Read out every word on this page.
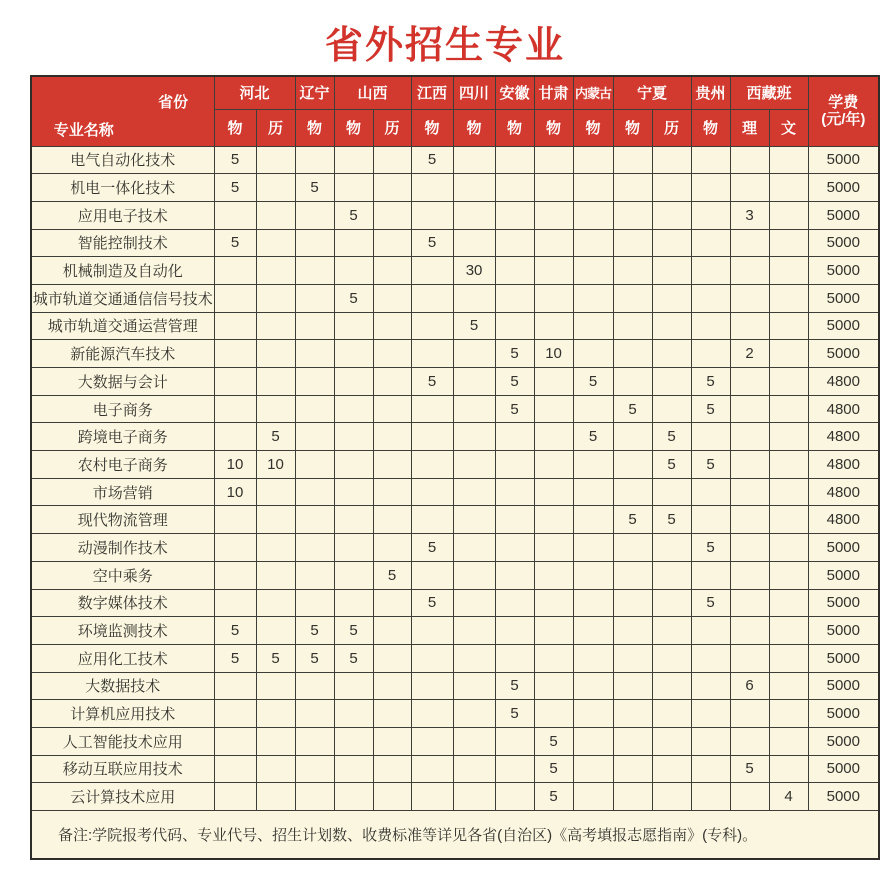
省外招生专业
省份
专业名称	河北		辽宁	山西		江西	四川	安徽	甘肃	内蒙古	宁夏		贵州	西藏班		学费
(元/年)
	物	历	物	物	历	物	物	物	物	物	物	历	物	理	文	
电气自动化技术	5					5										5000
机电一体化技术	5		5													5000
应用电子技术				5										3		5000
智能控制技术	5					5										5000
机械制造及自动化							30									5000
城市轨道交通通信信号技术				5												5000
城市轨道交通运营管理							5									5000
新能源汽车技术								5	10					2		5000
大数据与会计						5		5		5			5			4800
电子商务								5			5		5			4800
跨境电子商务		5								5		5				4800
农村电子商务	10	10										5	5			4800
市场营销	10															4800
现代物流管理											5	5				4800
动漫制作技术						5							5			5000
空中乘务					5											5000
数字媒体技术						5							5			5000
环境监测技术	5		5	5												5000
应用化工技术	5	5	5	5												5000
大数据技术								5						6		5000
计算机应用技术								5								5000
人工智能技术应用									5							5000
移动互联应用技术									5					5		5000
云计算技术应用									5						4	5000
备注:学院报考代码、专业代号、招生计划数、收费标准等详见各省(自治区)《高考填报志愿指南》(专科)。																
